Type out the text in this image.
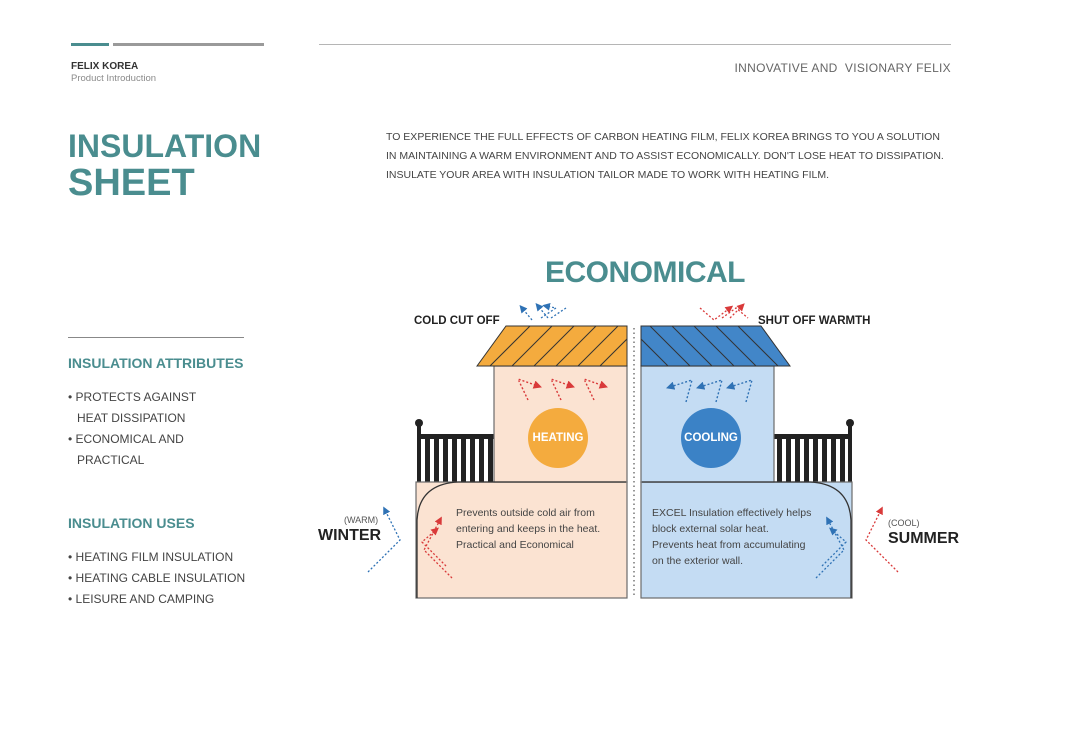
FELIX KOREA
Product Introduction
INNOVATIVE AND  VISIONARY FELIX
INSULATION
SHEET
TO EXPERIENCE THE FULL EFFECTS OF CARBON HEATING FILM, FELIX KOREA BRINGS TO YOU A SOLUTION
IN MAINTAINING A WARM ENVIRONMENT AND TO ASSIST ECONOMICALLY. DON'T LOSE HEAT TO DISSIPATION.
INSULATE YOUR AREA WITH INSULATION TAILOR MADE TO WORK WITH HEATING FILM.
INSULATION ATTRIBUTES
• PROTECTS AGAINST
HEAT DISSIPATION
• ECONOMICAL AND
PRACTICAL
INSULATION USES
• HEATING FILM INSULATION
• HEATING CABLE INSULATION
• LEISURE AND CAMPING
ECONOMICAL
COLD CUT OFF	SHUT OFF WARMTH
HEATING	COOLING
(WARM)
WINTER
(COOL)
SUMMER
Prevents outside cold air from
entering and keeps in the heat.
Practical and Economical
EXCEL Insulation effectively helps
block external solar heat.
Prevents heat from accumulating
on the exterior wall.
